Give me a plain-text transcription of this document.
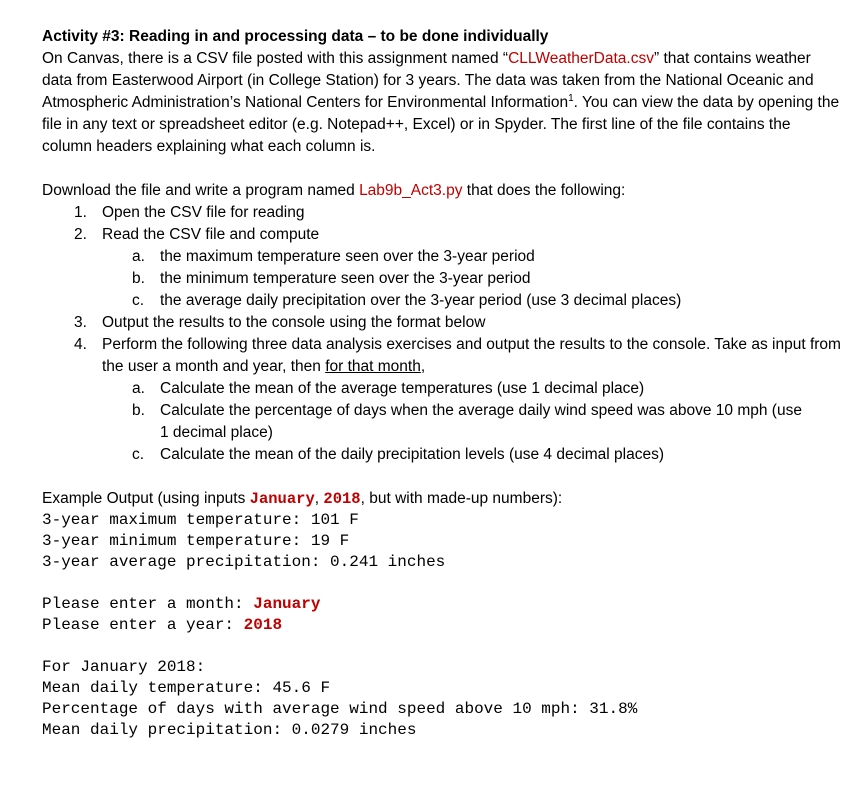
Activity #3: Reading in and processing data – to be done individually

On Canvas, there is a CSV file posted with this assignment named “CLLWeatherData.csv” that contains weather data from Easterwood Airport (in College Station) for 3 years. The data was taken from the National Oceanic and Atmospheric Administration’s National Centers for Environmental Information$^1$. You can view the data by opening the file in any text or spreadsheet editor (e.g. Notepad++, Excel) or in Spyder. The first line of the file contains the column headers explaining what each column is.

Download the file and write a program named Lab9b_Act3.py that does the following:

1. Open the CSV file for reading
2. Read the CSV file and compute
a. the maximum temperature seen over the 3-year period
b. the minimum temperature seen over the 3-year period
c. the average daily precipitation over the 3-year period (use 3 decimal places)
3. Output the results to the console using the format below
4. Perform the following three data analysis exercises and output the results to the console. Take as input from the user a month and year, then for that month,
a. Calculate the mean of the average temperatures (use 1 decimal place)
b. Calculate the percentage of days when the average daily wind speed was above 10 mph (use 1 decimal place)
c. Calculate the mean of the daily precipitation levels (use 4 decimal places)

Example Output (using inputs January, 2018, but with made-up numbers):

3-year maximum temperature: 101 F
3-year minimum temperature: 19 F
3-year average precipitation: 0.241 inches
Please enter a month: January
Please enter a year: 2018
For January 2018:
Mean daily temperature: 45.6 F
Percentage of days with average wind speed above 10 mph: 31.8%
Mean daily precipitation: 0.0279 inches
